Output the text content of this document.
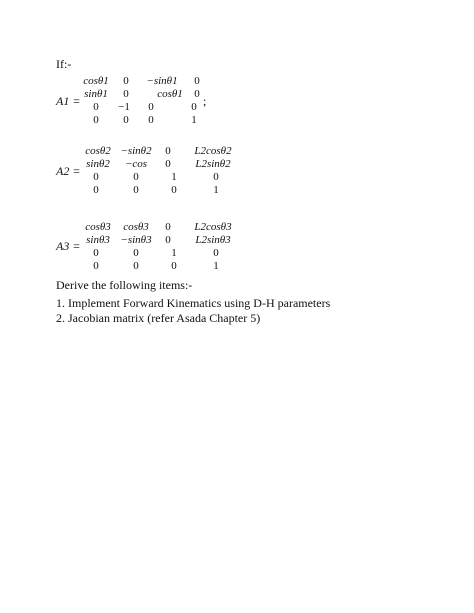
If:-
A1 =
cosθ1 0 −sinθ1 0
sinθ1 0	cosθ1 0
0 −1 0	0
0 0 0	1
;
A2 =
cosθ2 −sinθ2 0 L2cosθ2
sinθ2 −cos 0 L2sinθ2
0	0	1	0
0	0	0	1
A3 =
cosθ3 cosθ3 0 L2cosθ3
sinθ3 −sinθ3 0 L2sinθ3
0	0	1	0
0	0	0	1
Derive the following items:-
1. Implement Forward Kinematics using D-H parameters
2. Jacobian matrix (refer Asada Chapter 5)
